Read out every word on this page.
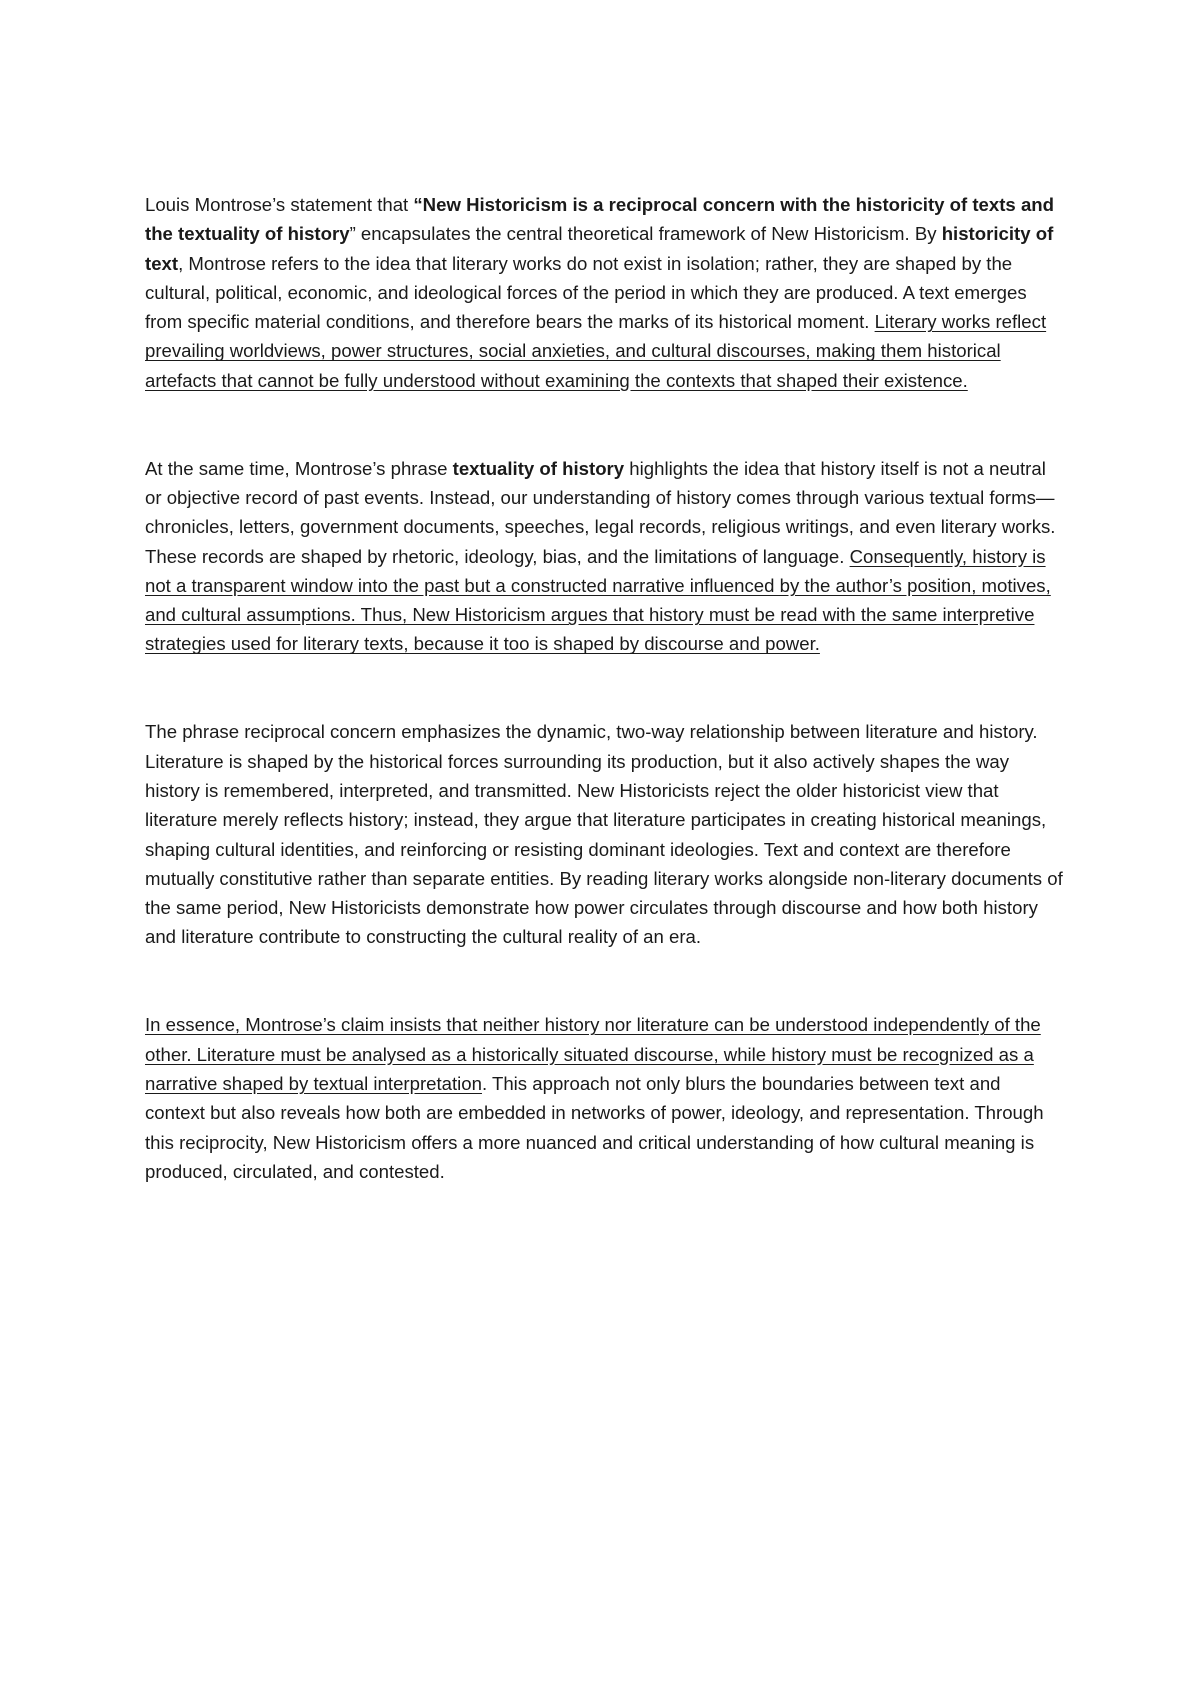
Louis Montrose’s statement that “New Historicism is a reciprocal concern with the historicity of texts and the textuality of history” encapsulates the central theoretical framework of New Historicism. By historicity of text, Montrose refers to the idea that literary works do not exist in isolation; rather, they are shaped by the cultural, political, economic, and ideological forces of the period in which they are produced. A text emerges from specific material conditions, and therefore bears the marks of its historical moment. Literary works reflect prevailing worldviews, power structures, social anxieties, and cultural discourses, making them historical artefacts that cannot be fully understood without examining the contexts that shaped their existence.

At the same time, Montrose’s phrase textuality of history highlights the idea that history itself is not a neutral or objective record of past events. Instead, our understanding of history comes through various textual forms—chronicles, letters, government documents, speeches, legal records, religious writings, and even literary works. These records are shaped by rhetoric, ideology, bias, and the limitations of language. Consequently, history is not a transparent window into the past but a constructed narrative influenced by the author’s position, motives, and cultural assumptions. Thus, New Historicism argues that history must be read with the same interpretive strategies used for literary texts, because it too is shaped by discourse and power.

The phrase reciprocal concern emphasizes the dynamic, two-way relationship between literature and history. Literature is shaped by the historical forces surrounding its production, but it also actively shapes the way history is remembered, interpreted, and transmitted. New Historicists reject the older historicist view that literature merely reflects history; instead, they argue that literature participates in creating historical meanings, shaping cultural identities, and reinforcing or resisting dominant ideologies. Text and context are therefore mutually constitutive rather than separate entities. By reading literary works alongside non-literary documents of the same period, New Historicists demonstrate how power circulates through discourse and how both history and literature contribute to constructing the cultural reality of an era.

In essence, Montrose’s claim insists that neither history nor literature can be understood independently of the other. Literature must be analysed as a historically situated discourse, while history must be recognized as a narrative shaped by textual interpretation. This approach not only blurs the boundaries between text and context but also reveals how both are embedded in networks of power, ideology, and representation. Through this reciprocity, New Historicism offers a more nuanced and critical understanding of how cultural meaning is produced, circulated, and contested.
